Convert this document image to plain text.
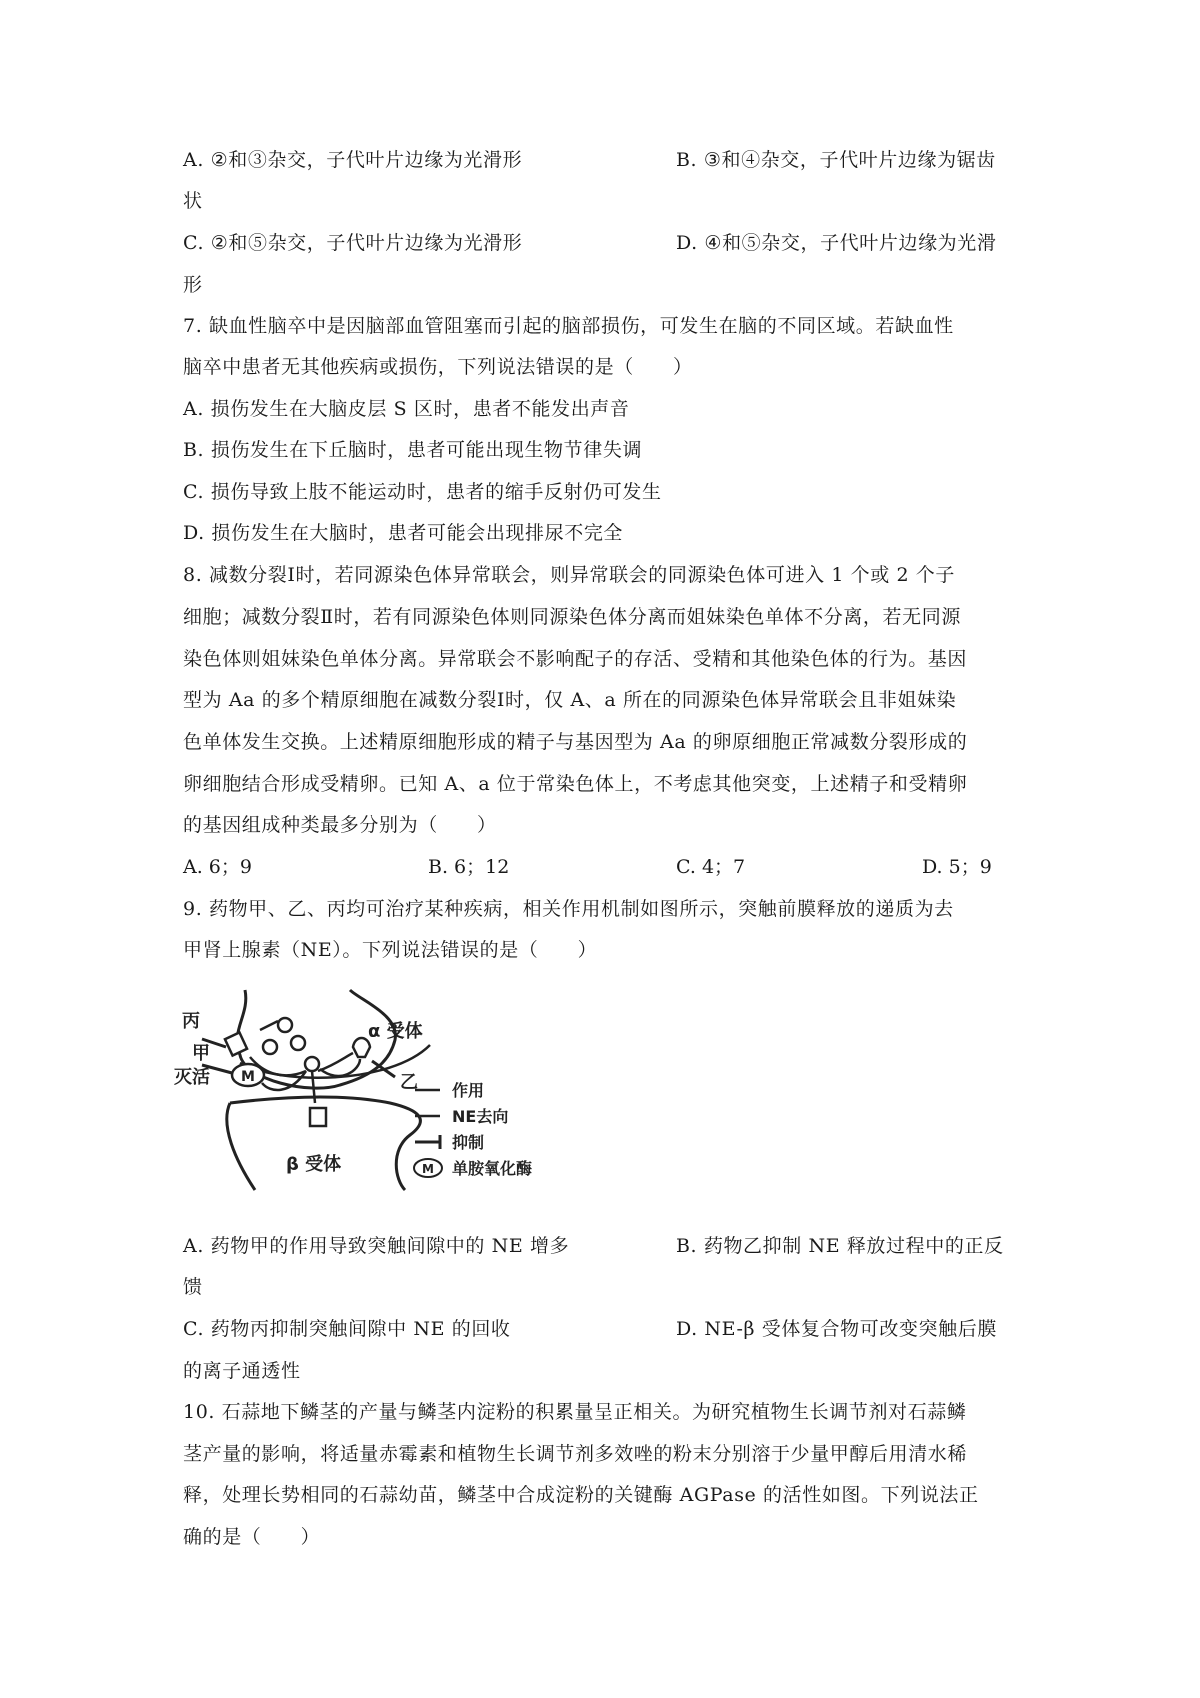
A. ②和③杂交，子代叶片边缘为光滑形	B. ③和④杂交，子代叶片边缘为锯齿
状
C. ②和⑤杂交，子代叶片边缘为光滑形	D. ④和⑤杂交，子代叶片边缘为光滑
形
7. 缺血性脑卒中是因脑部血管阻塞而引起的脑部损伤，可发生在脑的不同区域。若缺血性
脑卒中患者无其他疾病或损伤，下列说法错误的是（　　）
A. 损伤发生在大脑皮层 S 区时，患者不能发出声音
B. 损伤发生在下丘脑时，患者可能出现生物节律失调
C. 损伤导致上肢不能运动时，患者的缩手反射仍可发生
D. 损伤发生在大脑时，患者可能会出现排尿不完全
8. 减数分裂Ⅰ时，若同源染色体异常联会，则异常联会的同源染色体可进入 1 个或 2 个子
细胞；减数分裂Ⅱ时，若有同源染色体则同源染色体分离而姐妹染色单体不分离，若无同源
染色体则姐妹染色单体分离。异常联会不影响配子的存活、受精和其他染色体的行为。基因
型为 Aa 的多个精原细胞在减数分裂Ⅰ时，仅 A、a 所在的同源染色体异常联会且非姐妹染
色单体发生交换。上述精原细胞形成的精子与基因型为 Aa 的卵原细胞正常减数分裂形成的
卵细胞结合形成受精卵。已知 A、a 位于常染色体上，不考虑其他突变，上述精子和受精卵
的基因组成种类最多分别为（　　）
A. 6；9	B. 6；12	C. 4；7	D. 5；9
9. 药物甲、乙、丙均可治疗某种疾病，相关作用机制如图所示，突触前膜释放的递质为去
甲肾上腺素（NE）。下列说法错误的是（　　）
M
丙
甲
灭活
α 受体
乙
β 受体
作用
NE去向
抑制
M 单胺氧化酶
A. 药物甲的作用导致突触间隙中的 NE 增多	B. 药物乙抑制 NE 释放过程中的正反
馈
C. 药物丙抑制突触间隙中 NE 的回收	D. NE-β 受体复合物可改变突触后膜
的离子通透性
10. 石蒜地下鳞茎的产量与鳞茎内淀粉的积累量呈正相关。为研究植物生长调节剂对石蒜鳞
茎产量的影响，将适量赤霉素和植物生长调节剂多效唑的粉末分别溶于少量甲醇后用清水稀
释，处理长势相同的石蒜幼苗，鳞茎中合成淀粉的关键酶 AGPase 的活性如图。下列说法正
确的是（　　）
